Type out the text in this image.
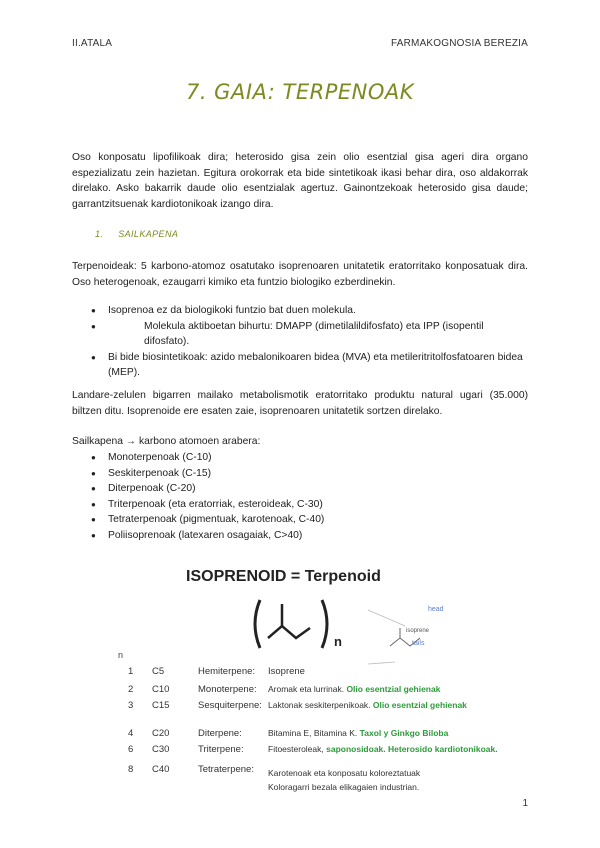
II.ATALA	FARMAKOGNOSIA BEREZIA
7. GAIA: TERPENOAK
Oso konposatu lipofilikoak dira; heterosido gisa zein olio esentzial gisa ageri dira organo espezializatu zein hazietan. Egitura orokorrak eta bide sintetikoak ikasi behar dira, oso aldakorrak direlako. Asko bakarrik daude olio esentzialak agertuz. Gainontzekoak heterosido gisa daude; garrantzitsuenak kardiotonikoak izango dira.
1. SAILKAPENA
Terpenoideak: 5 karbono-atomoz osatutako isoprenoaren unitatetik eratorritako konposatuak dira. Oso heterogenoak, ezaugarri kimiko eta funtzio biologiko ezberdinekin.
● Isoprenoa ez da biologikoki funtzio bat duen molekula.
● Molekula aktiboetan bihurtu: DMAPP (dimetilalildifosfato) eta IPP (isopentil difosfato).
● Bi bide biosintetikoak: azido mebalonikoaren bidea (MVA) eta metileritritolfosfatoaren bidea (MEP).
Landare-zelulen bigarren mailako metabolismotik eratorritako produktu natural ugari (35.000) biltzen ditu. Isoprenoide ere esaten zaie, isoprenoaren unitatetik sortzen direlako.
Sailkapena → karbono atomoen arabera:
● Monoterpenoak (C-10)
● Seskiterpenoak (C-15)
● Diterpenoak (C-20)
● Triterpenoak (eta eratorriak, esteroideak, C-30)
● Tetraterpenoak (pigmentuak, karotenoak, C-40)
● Poliisoprenoak (latexaren osagaiak, C>40)
ISOPRENOID = Terpenoid
n
head
isoprene
tails
n
1 C5	Hemiterpene: Isoprene
2 C10	Monoterpene: Aromak eta lurrinak. Olio esentzial gehienak
3 C15	Sesquiterpene: Laktonak seskiterpenikoak. Olio esentzial gehienak
4 C20	Diterpene:	Bitamina E, Bitamina K. Taxol y Ginkgo Biloba
6 C30	Triterpene:	Fitoesteroleak, saponosidoak. Heterosido kardiotonikoak.
8 C40	Tetraterpene: Karotenoak eta konposatu koloreztatuak
Koloragarri bezala elikagaien industrian.
1
